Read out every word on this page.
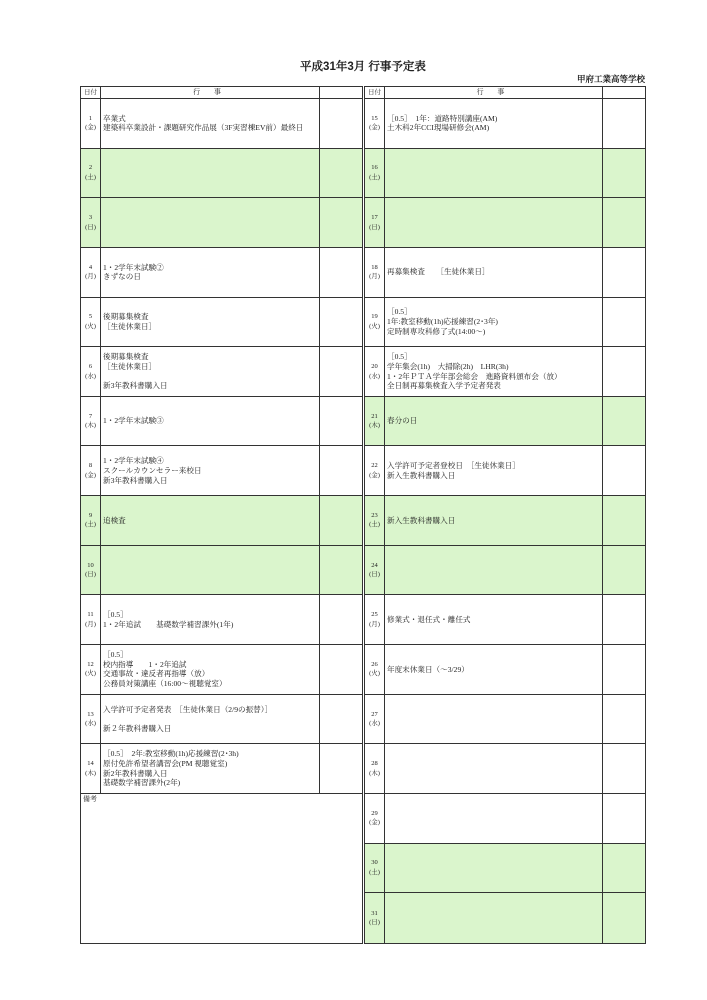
平成31年3月 行事予定表
甲府工業高等学校
日付	行 事
1
(金)
卒業式
建築科卒業設計・課題研究作品展（3F実習棟EV前）最終日
2
(土)
3
(日)
4
(月)
1・2学年末試験②
きずなの日
5
(火)
後期募集検査
［生徒休業日］
6
(水)
後期募集検査
［生徒休業日］
新3年教科書購入日
7
(木)
1・2学年末試験③
8
(金)
1・2学年末試験④
スクールカウンセラー来校日
新3年教科書購入日
9
(土)
追検査
10
(日)
11
(月)
［0.5］
1・2年追試　　基礎数学補習課外(1年)
12
(火)
［0.5］
校内指導　　1・2年追試
交通事故・違反者再指導（放）
公務員対策講座（16:00～視聴覚室）
13
(水)
入学許可予定者発表　［生徒休業日（2/9の振替）］
新２年教科書購入日
14
(木)
［0.5］　2年:教室移動(1h)応援練習(2･3h)
原付免許希望者講習会(PM 視聴覚室)
新2年教科書購入日
基礎数学補習課外(2年)
備考
日付	行 事
15
(金)
［0.5］　1年：道路特別講座(AM)
土木科2年CCI現場研修会(AM)
16
(土)
17
(日)
18
(月)
再募集検査　　［生徒休業日］
19
(火)
［0.5］
1年:教室移動(1h)応援練習(2･3年)
定時制専攻科修了式(14:00～)
20
(水)
［0.5］
学年集会(1h)　大掃除(2h)　LHR(3h)
1・2年ＰＴＡ学年部会総会　進路資料頒布会（放）
全日制再募集検査入学予定者発表
21
(木)
春分の日
22
(金)
入学許可予定者登校日　［生徒休業日］
新入生教科書購入日
23
(土)
新入生教科書購入日
24
(日)
25
(月)
修業式・退任式・離任式
26
(火)
年度末休業日（～3/29）
27
(水)
28
(木)
29
(金)
30
(土)
31
(日)
